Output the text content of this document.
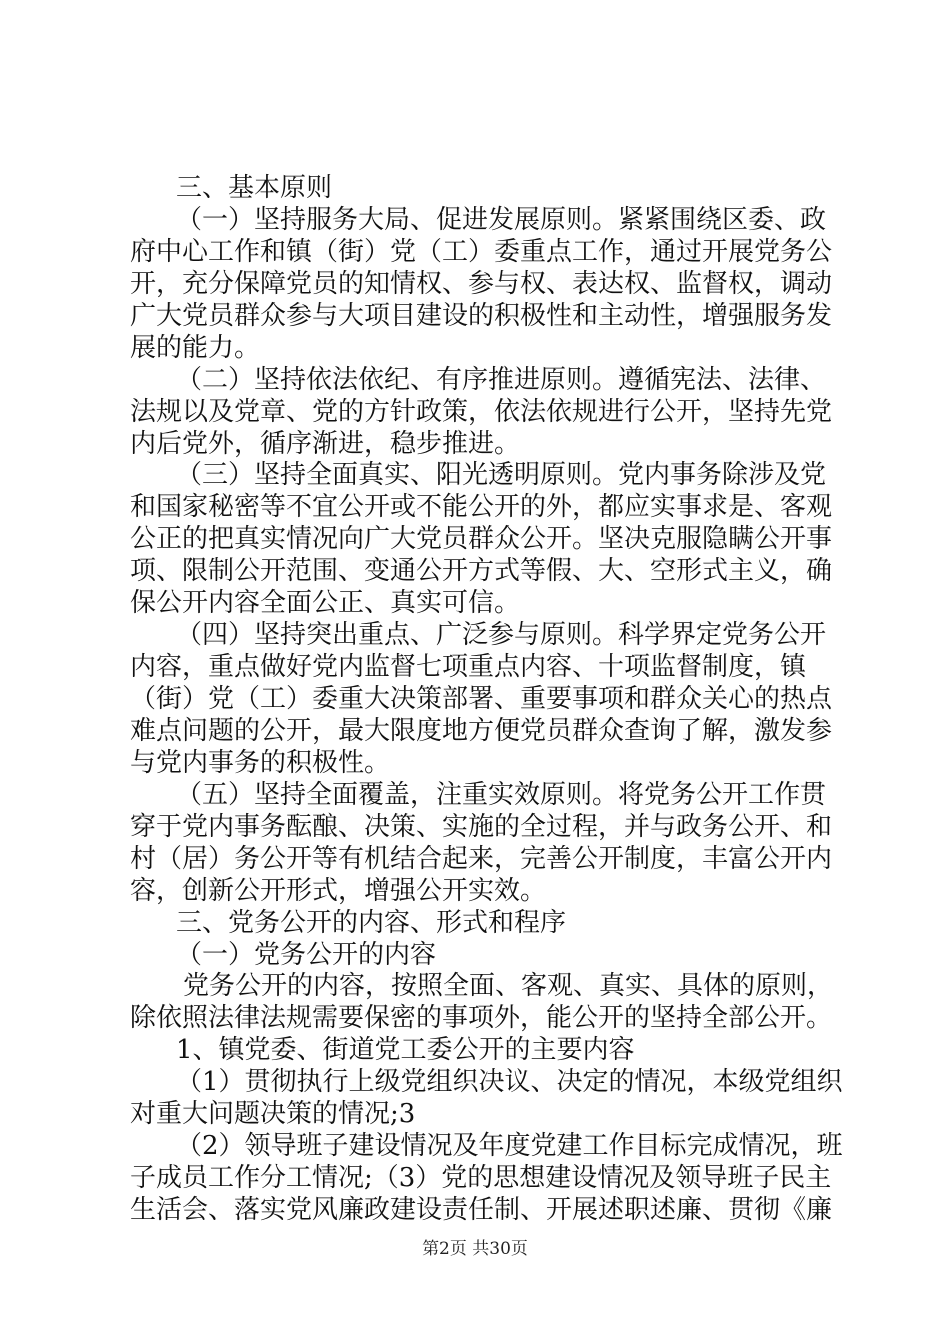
三、基本原则

（一）坚持服务大局、促进发展原则。紧紧围绕区委、政

府中心工作和镇（街）党（工）委重点工作，通过开展党务公

开，充分保障党员的知情权、参与权、表达权、监督权，调动

广大党员群众参与大项目建设的积极性和主动性，增强服务发

展的能力。

（二）坚持依法依纪、有序推进原则。遵循宪法、法律、

法规以及党章、党的方针政策，依法依规进行公开，坚持先党

内后党外，循序渐进，稳步推进。

（三）坚持全面真实、阳光透明原则。党内事务除涉及党

和国家秘密等不宜公开或不能公开的外，都应实事求是、客观

公正的把真实情况向广大党员群众公开。坚决克服隐瞒公开事

项、限制公开范围、变通公开方式等假、大、空形式主义，确

保公开内容全面公正、真实可信。

（四）坚持突出重点、广泛参与原则。科学界定党务公开

内容，重点做好党内监督七项重点内容、十项监督制度，镇

（街）党（工）委重大决策部署、重要事项和群众关心的热点

难点问题的公开，最大限度地方便党员群众查询了解，激发参

与党内事务的积极性。

（五）坚持全面覆盖，注重实效原则。将党务公开工作贯

穿于党内事务酝酿、决策、实施的全过程，并与政务公开、和

村（居）务公开等有机结合起来，完善公开制度，丰富公开内

容，创新公开形式，增强公开实效。

三、党务公开的内容、形式和程序

（一）党务公开的内容

党务公开的内容，按照全面、客观、真实、具体的原则，

除依照法律法规需要保密的事项外，能公开的坚持全部公开。

1、镇党委、街道党工委公开的主要内容

（1）贯彻执行上级党组织决议、决定的情况，本级党组织

对重大问题决策的情况;3

（2）领导班子建设情况及年度党建工作目标完成情况，班

子成员工作分工情况;（3）党的思想建设情况及领导班子民主

生活会、落实党风廉政建设责任制、开展述职述廉、贯彻《廉

第2页 共30页
